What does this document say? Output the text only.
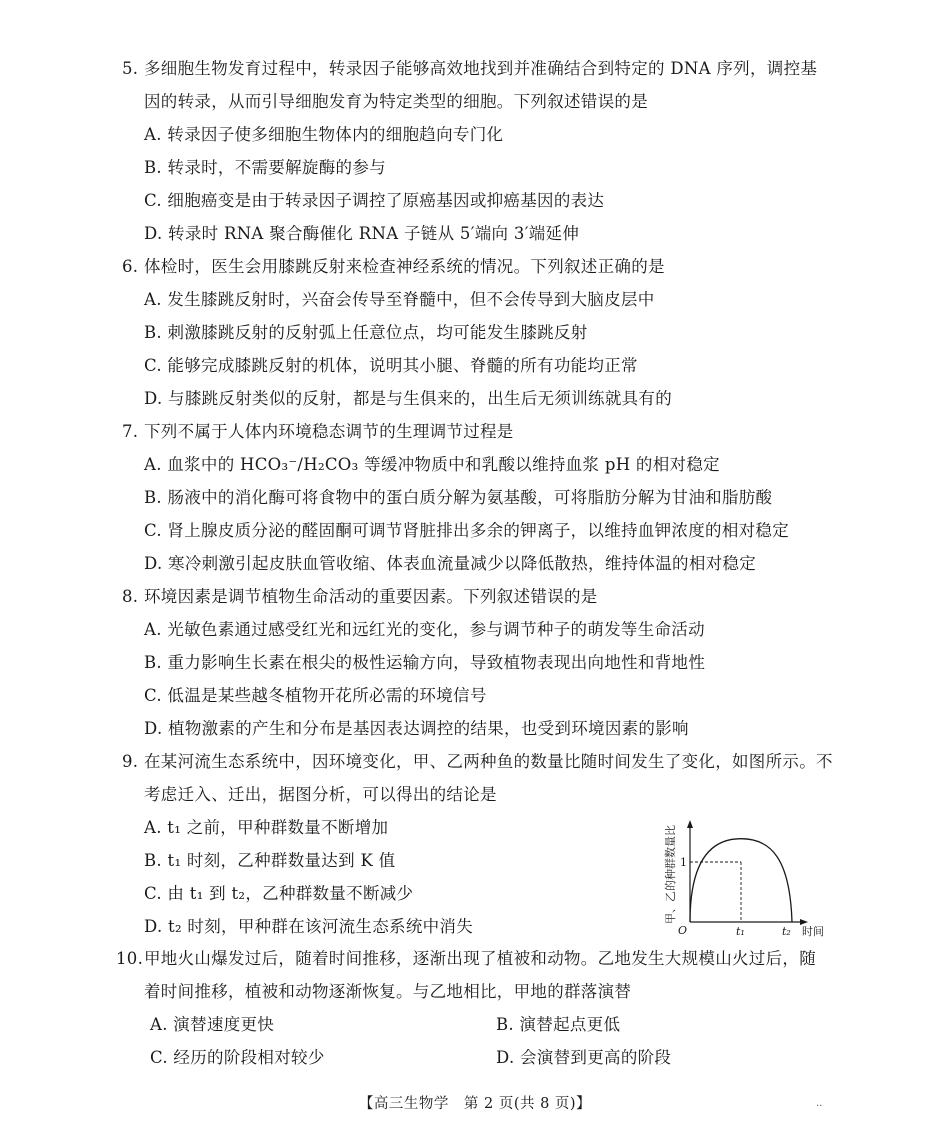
5. 多细胞生物发育过程中，转录因子能够高效地找到并准确结合到特定的 DNA 序列，调控基
因的转录，从而引导细胞发育为特定类型的细胞。下列叙述错误的是
A. 转录因子使多细胞生物体内的细胞趋向专门化
B. 转录时，不需要解旋酶的参与
C. 细胞癌变是由于转录因子调控了原癌基因或抑癌基因的表达
D. 转录时 RNA 聚合酶催化 RNA 子链从 5′端向 3′端延伸
6. 体检时，医生会用膝跳反射来检查神经系统的情况。下列叙述正确的是
A. 发生膝跳反射时，兴奋会传导至脊髓中，但不会传导到大脑皮层中
B. 刺激膝跳反射的反射弧上任意位点，均可能发生膝跳反射
C. 能够完成膝跳反射的机体，说明其小腿、脊髓的所有功能均正常
D. 与膝跳反射类似的反射，都是与生俱来的，出生后无须训练就具有的
7. 下列不属于人体内环境稳态调节的生理调节过程是
A. 血浆中的 HCO₃⁻/H₂CO₃ 等缓冲物质中和乳酸以维持血浆 pH 的相对稳定
B. 肠液中的消化酶可将食物中的蛋白质分解为氨基酸，可将脂肪分解为甘油和脂肪酸
C. 肾上腺皮质分泌的醛固酮可调节肾脏排出多余的钾离子，以维持血钾浓度的相对稳定
D. 寒冷刺激引起皮肤血管收缩、体表血流量减少以降低散热，维持体温的相对稳定
8. 环境因素是调节植物生命活动的重要因素。下列叙述错误的是
A. 光敏色素通过感受红光和远红光的变化，参与调节种子的萌发等生命活动
B. 重力影响生长素在根尖的极性运输方向，导致植物表现出向地性和背地性
C. 低温是某些越冬植物开花所必需的环境信号
D. 植物激素的产生和分布是基因表达调控的结果，也受到环境因素的影响
9. 在某河流生态系统中，因环境变化，甲、乙两种鱼的数量比随时间发生了变化，如图所示。不
考虑迁入、迁出，据图分析，可以得出的结论是
A. t₁ 之前，甲种群数量不断增加
B. t₁ 时刻，乙种群数量达到 K 值
C. 由 t₁ 到 t₂，乙种群数量不断减少
D. t₂ 时刻，甲种群在该河流生态系统中消失
甲、乙的种群数量比 1
O	t₁	t₂ 时间
10.甲地火山爆发过后，随着时间推移，逐渐出现了植被和动物。乙地发生大规模山火过后，随
着时间推移，植被和动物逐渐恢复。与乙地相比，甲地的群落演替
A. 演替速度更快	B. 演替起点更低
C. 经历的阶段相对较少	D. 会演替到更高的阶段
【高三生物学　第 2 页(共 8 页)】	..
